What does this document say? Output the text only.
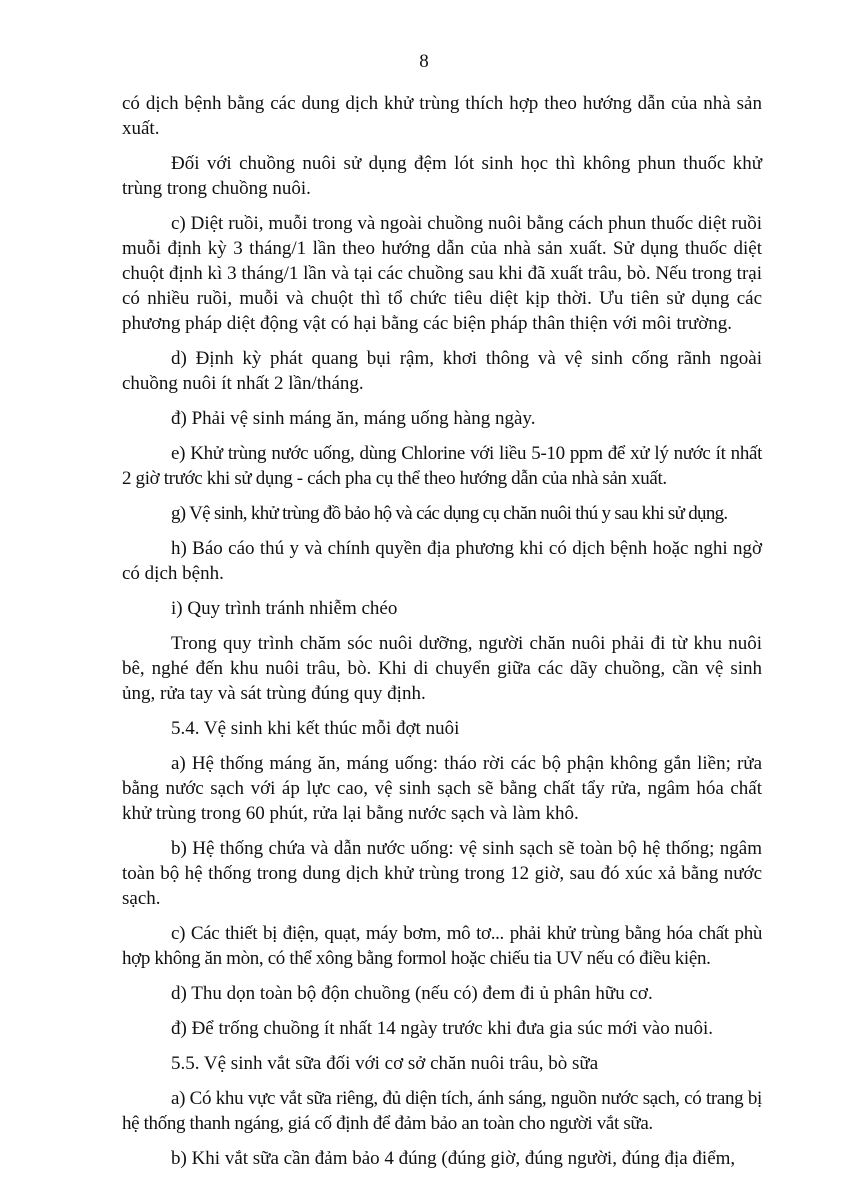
8

có dịch bệnh bằng các dung dịch khử trùng thích hợp theo hướng dẫn của nhà sản xuất.

Đối với chuồng nuôi sử dụng đệm lót sinh học thì không phun thuốc khử trùng trong chuồng nuôi.

c) Diệt ruồi, muỗi trong và ngoài chuồng nuôi bằng cách phun thuốc diệt ruồi muỗi định kỳ 3 tháng/1 lần theo hướng dẫn của nhà sản xuất. Sử dụng thuốc diệt chuột định kì 3 tháng/1 lần và tại các chuồng sau khi đã xuất trâu, bò. Nếu trong trại có nhiều ruồi, muỗi và chuột thì tổ chức tiêu diệt kịp thời. Ưu tiên sử dụng các phương pháp diệt động vật có hại bằng các biện pháp thân thiện với môi trường.

d) Định kỳ phát quang bụi rậm, khơi thông và vệ sinh cống rãnh ngoài chuồng nuôi ít nhất 2 lần/tháng.

đ) Phải vệ sinh máng ăn, máng uống hàng ngày.

e) Khử trùng nước uống, dùng Chlorine với liều 5-10 ppm để xử lý nước ít nhất 2 giờ trước khi sử dụng - cách pha cụ thể theo hướng dẫn của nhà sản xuất.

g) Vệ sinh, khử trùng đồ bảo hộ và các dụng cụ chăn nuôi thú y sau khi sử dụng.

h) Báo cáo thú y và chính quyền địa phương khi có dịch bệnh hoặc nghi ngờ có dịch bệnh.

i) Quy trình tránh nhiễm chéo

Trong quy trình chăm sóc nuôi dưỡng, người chăn nuôi phải đi từ khu nuôi bê, nghé đến khu nuôi trâu, bò. Khi di chuyển giữa các dãy chuồng, cần vệ sinh ủng, rửa tay và sát trùng đúng quy định.

5.4. Vệ sinh khi kết thúc mỗi đợt nuôi

a) Hệ thống máng ăn, máng uống: tháo rời các bộ phận không gắn liền; rửa bằng nước sạch với áp lực cao, vệ sinh sạch sẽ bằng chất tẩy rửa, ngâm hóa chất khử trùng trong 60 phút, rửa lại bằng nước sạch và làm khô.

b) Hệ thống chứa và dẫn nước uống: vệ sinh sạch sẽ toàn bộ hệ thống; ngâm toàn bộ hệ thống trong dung dịch khử trùng trong 12 giờ, sau đó xúc xả bằng nước sạch.

c) Các thiết bị điện, quạt, máy bơm, mô tơ... phải khử trùng bằng hóa chất phù hợp không ăn mòn, có thể xông bằng formol hoặc chiếu tia UV nếu có điều kiện.

d) Thu dọn toàn bộ độn chuồng (nếu có) đem đi ủ phân hữu cơ.

đ) Để trống chuồng ít nhất 14 ngày trước khi đưa gia súc mới vào nuôi.

5.5. Vệ sinh vắt sữa đối với cơ sở chăn nuôi trâu, bò sữa

a) Có khu vực vắt sữa riêng, đủ diện tích, ánh sáng, nguồn nước sạch, có trang bị hệ thống thanh ngáng, giá cố định để đảm bảo an toàn cho người vắt sữa.

b) Khi vắt sữa cần đảm bảo 4 đúng (đúng giờ, đúng người, đúng địa điểm,
